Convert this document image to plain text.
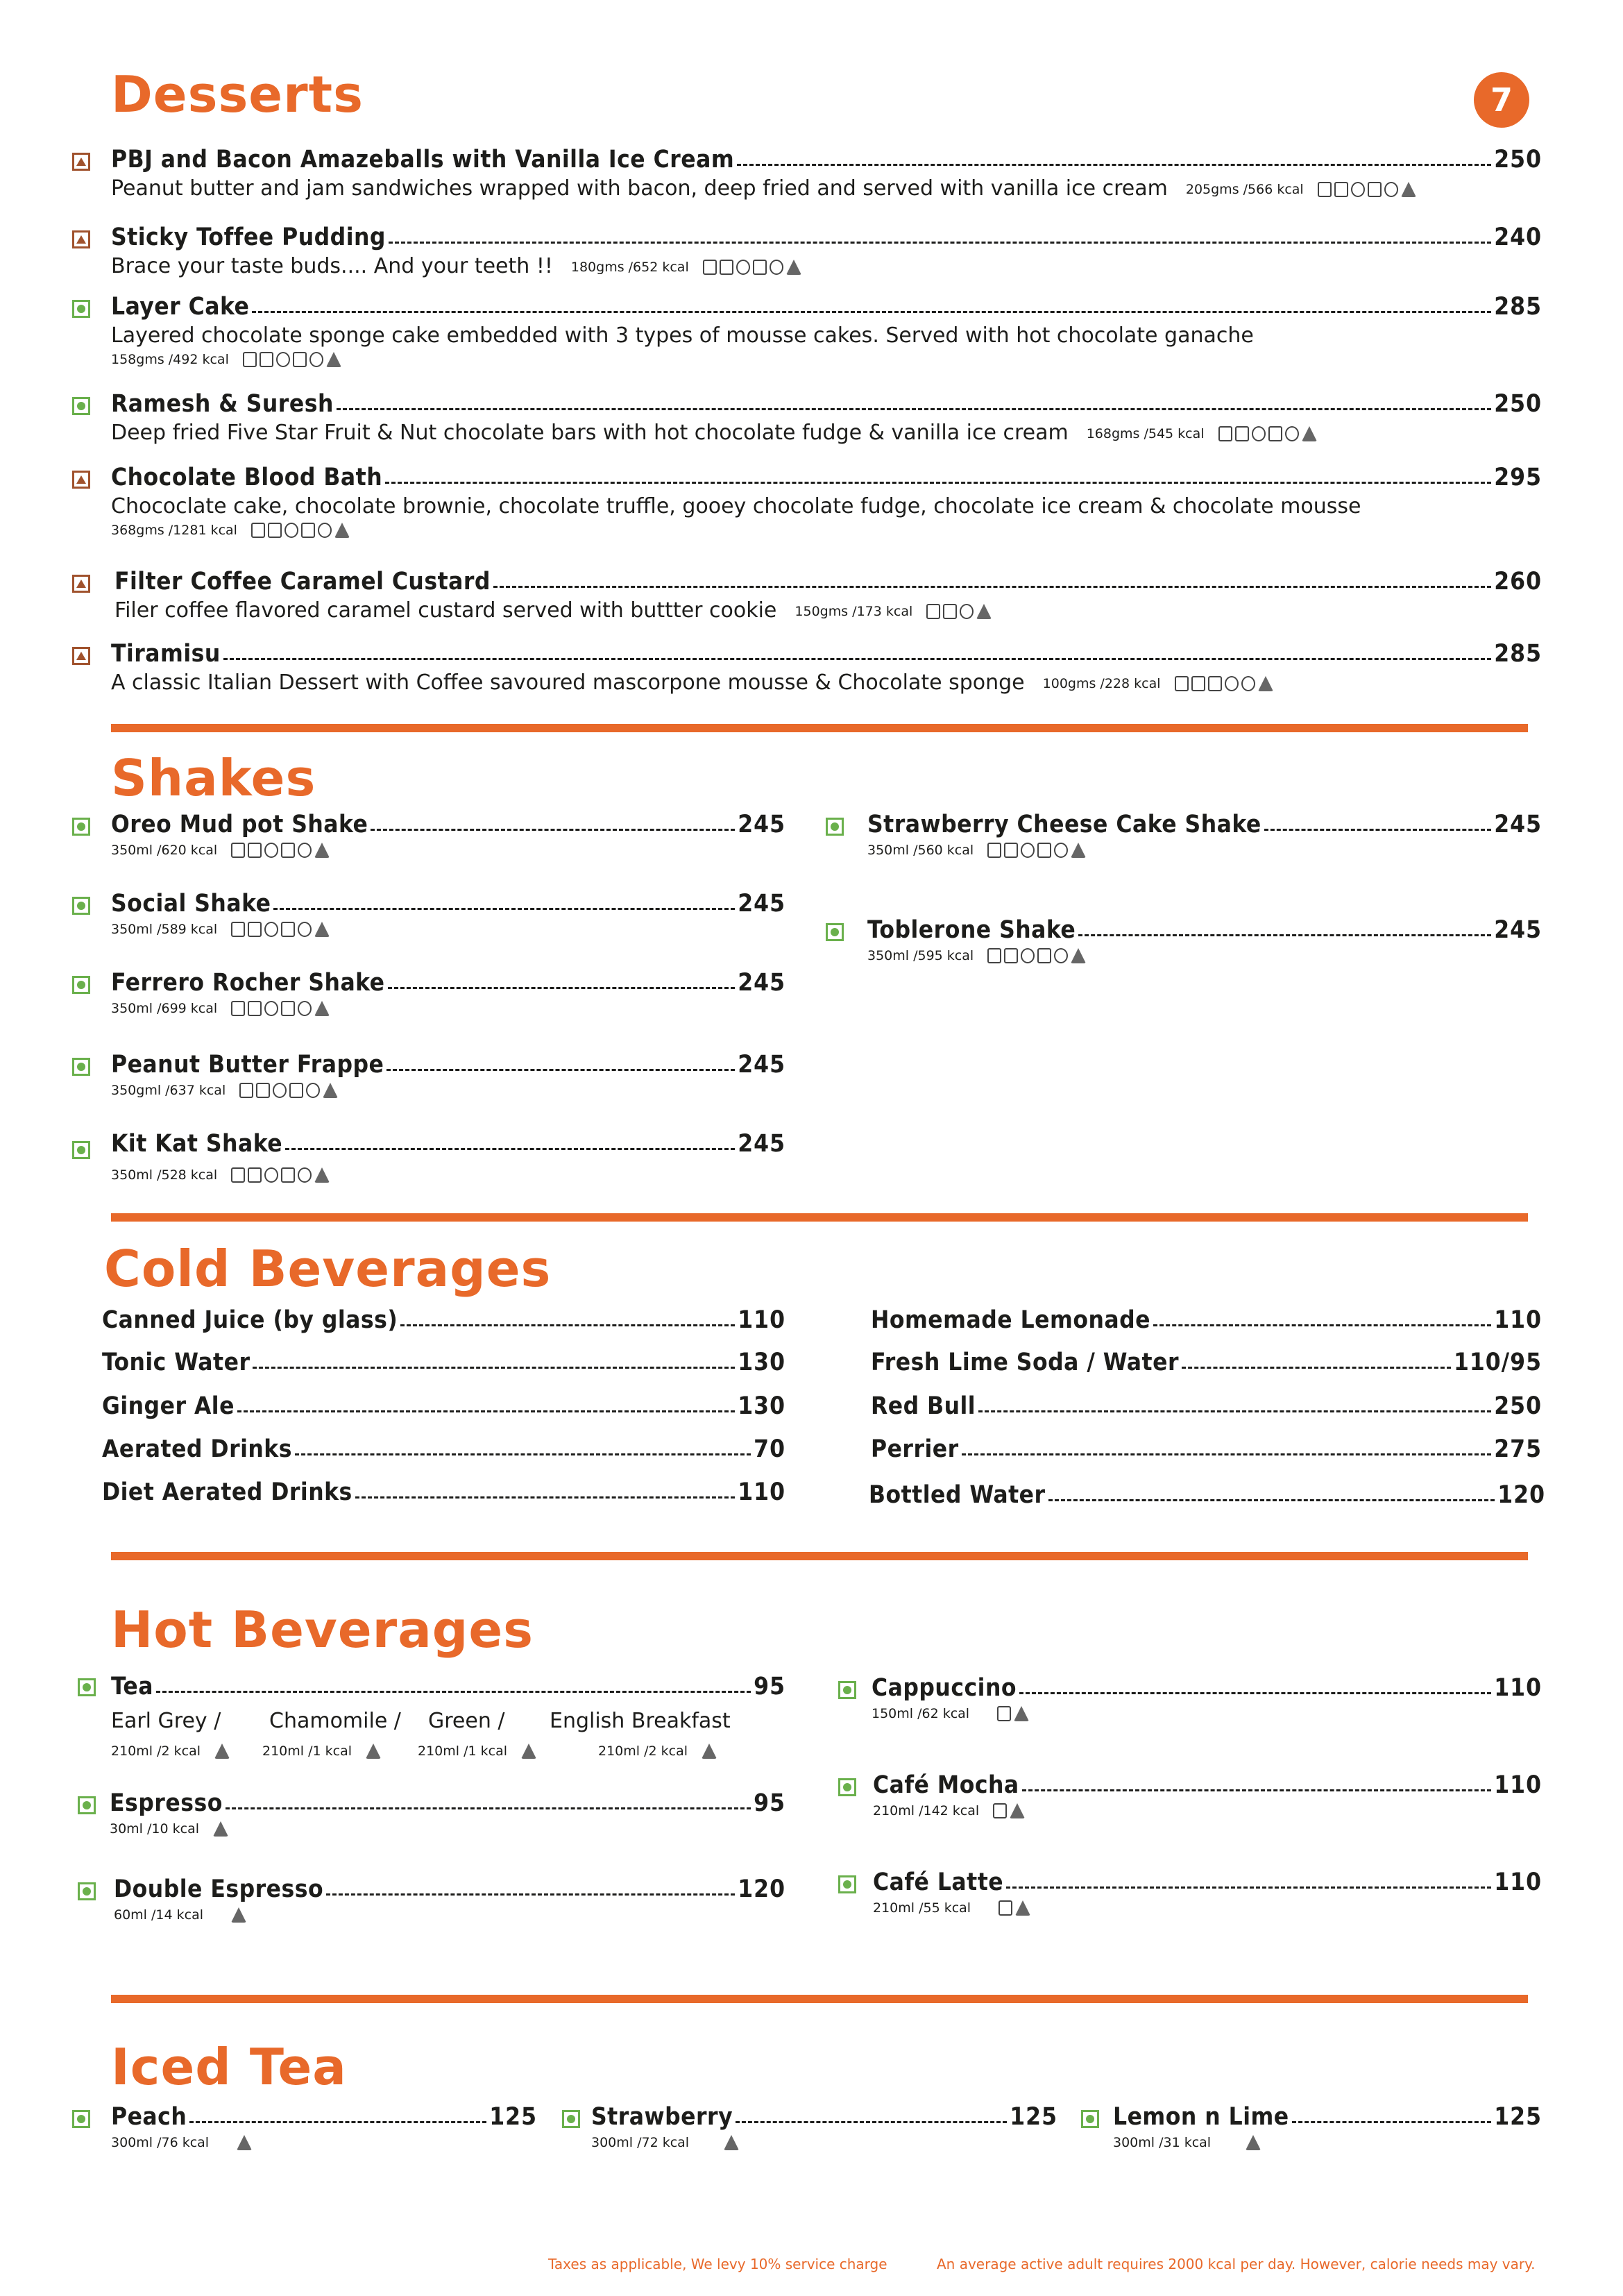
7
Desserts
PBJ and Bacon Amazeballs with Vanilla Ice Cream	250
Peanut butter and jam sandwiches wrapped with bacon, deep fried and served with vanilla ice cream 205gms /566 kcal
Sticky Toffee Pudding	240
Brace your taste buds.... And your teeth !! 180gms /652 kcal
Layer Cake	285
Layered chocolate sponge cake embedded with 3 types of mousse cakes. Served with hot chocolate ganache
158gms /492 kcal
Ramesh & Suresh	250
Deep fried Five Star Fruit & Nut chocolate bars with hot chocolate fudge & vanilla ice cream 168gms /545 kcal
Chocolate Blood Bath	295
Chococlate cake, chocolate brownie, chocolate truffle, gooey chocolate fudge, chocolate ice cream & chocolate mousse
368gms /1281 kcal
Filter Coffee Caramel Custard	260
Filer coffee flavored caramel custard served with buttter cookie 150gms /173 kcal
Tiramisu	285
A classic Italian Dessert with Coffee savoured mascorpone mousse & Chocolate sponge 100gms /228 kcal
Shakes
Oreo Mud pot Shake	245
350ml /620 kcal
Social Shake	245
350ml /589 kcal
Ferrero Rocher Shake	245
350ml /699 kcal
Peanut Butter Frappe	245
350gml /637 kcal
Kit Kat Shake	245
350ml /528 kcal
Strawberry Cheese Cake Shake	245
350ml /560 kcal
Toblerone Shake	245
350ml /595 kcal
Cold Beverages
Canned Juice (by glass)	110
Tonic Water	130
Ginger Ale	130
Aerated Drinks	70
Diet Aerated Drinks	110
Homemade Lemonade	110
Fresh Lime Soda / Water	110/95
Red Bull	250
Perrier	275
Bottled Water	120
Hot Beverages
Tea	95
Earl Grey / Chamomile / Green / English Breakfast
210ml /2 kcal	210ml /1 kcal	210ml /1 kcal	210ml /2 kcal
Espresso	95
30ml /10 kcal
Double Espresso	120
60ml /14 kcal
Cappuccino	110
150ml /62 kcal
Café Mocha	110
210ml /142 kcal
Café Latte	110
210ml /55 kcal
Iced Tea
Peach	125
300ml /76 kcal
Strawberry	125
300ml /72 kcal
Lemon n Lime	125
300ml /31 kcal
Taxes as applicable, We levy 10% service charge	An average active adult requires 2000 kcal per day. However, calorie needs may vary.
